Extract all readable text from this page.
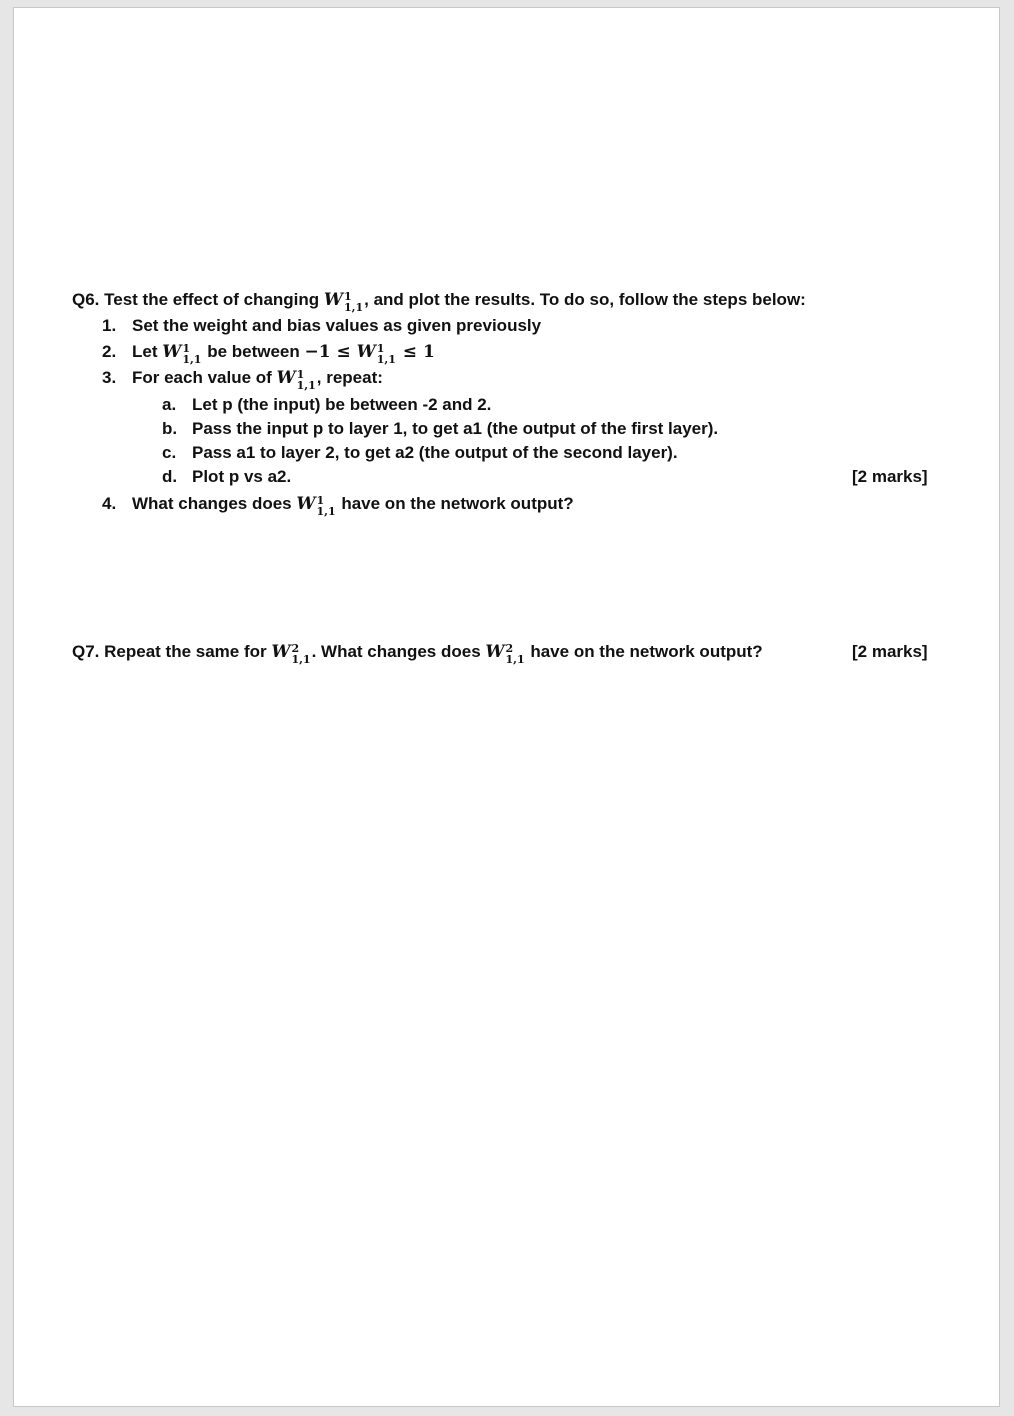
Q6. Test the effect of changing W 1
1,1 , and plot the results. To do so, follow the steps below:
1. Set the weight and bias values as given previously
2. Let W 1
1,1 be between −1 ≤ W 1
1,1 ≤ 1
3. For each value of W 1
1,1 , repeat:
a. Let p (the input) be between -2 and 2.
b. Pass the input p to layer 1, to get a1 (the output of the first layer).
c. Pass a1 to layer 2, to get a2 (the output of the second layer).
d. Plot p vs a2.	[2 marks]
4. What changes does W 1
1,1 have on the network output?
Q7. Repeat the same for W 2
1,1 . What changes does W 2
1,1 have on the network output?	[2 marks]
